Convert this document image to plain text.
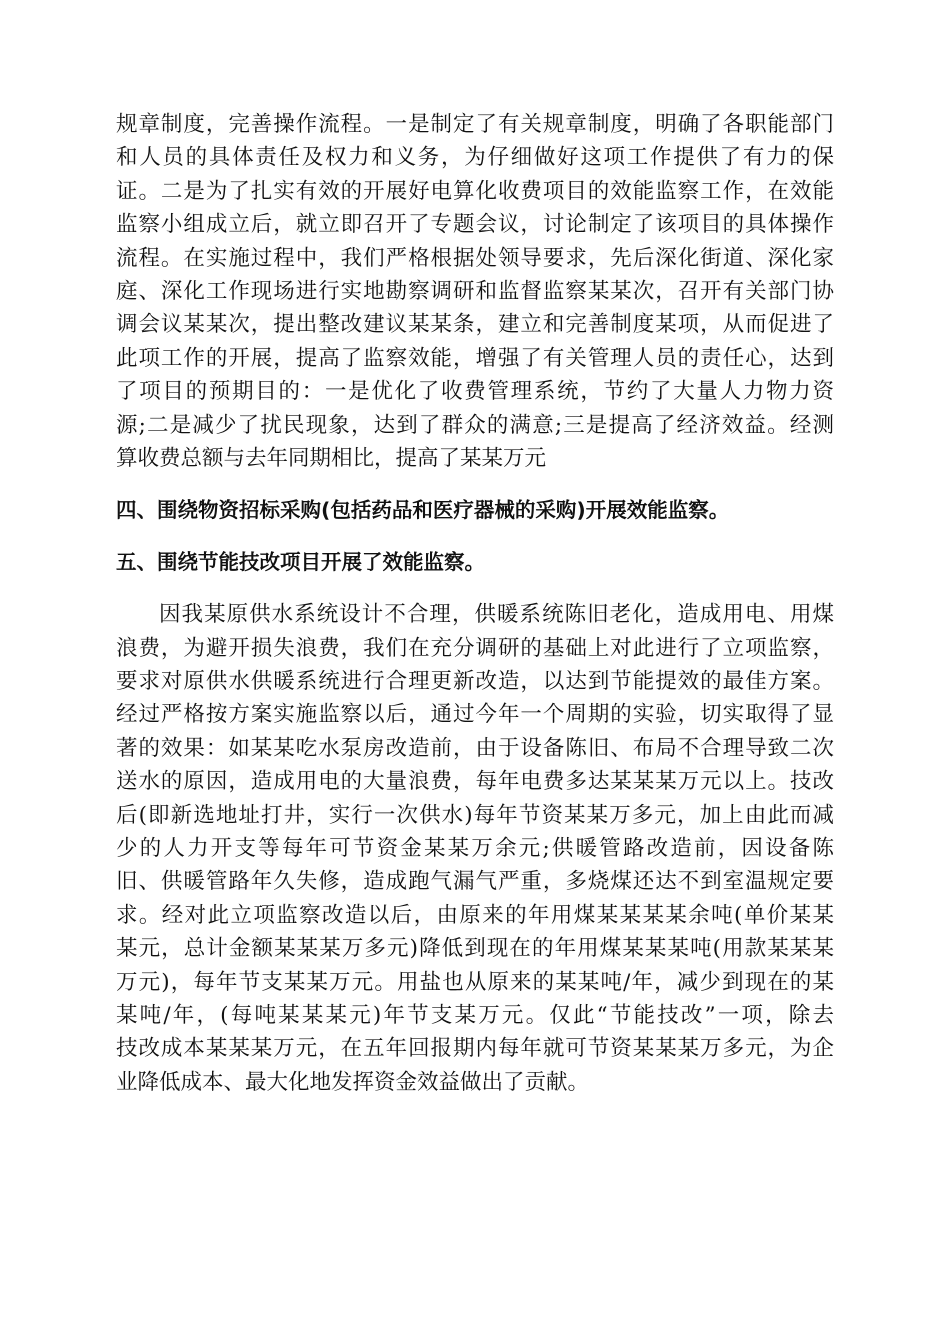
规章制度，完善操作流程。一是制定了有关规章制度，明确了各职能部门
和人员的具体责任及权力和义务，为仔细做好这项工作提供了有力的保
证。二是为了扎实有效的开展好电算化收费项目的效能监察工作，在效能
监察小组成立后，就立即召开了专题会议，讨论制定了该项目的具体操作
流程。在实施过程中，我们严格根据处领导要求，先后深化街道、深化家
庭、深化工作现场进行实地勘察调研和监督监察某某次，召开有关部门协
调会议某某次，提出整改建议某某条，建立和完善制度某项，从而促进了
此项工作的开展，提高了监察效能，增强了有关管理人员的责任心，达到
了项目的预期目的：一是优化了收费管理系统，节约了大量人力物力资
源;二是减少了扰民现象，达到了群众的满意;三是提高了经济效益。经测
算收费总额与去年同期相比，提高了某某万元
四、围绕物资招标采购(包括药品和医疗器械的采购)开展效能监察。
五、围绕节能技改项目开展了效能监察。
因我某原供水系统设计不合理，供暖系统陈旧老化，造成用电、用煤
浪费，为避开损失浪费，我们在充分调研的基础上对此进行了立项监察，
要求对原供水供暖系统进行合理更新改造，以达到节能提效的最佳方案。
经过严格按方案实施监察以后，通过今年一个周期的实验，切实取得了显
著的效果：如某某吃水泵房改造前，由于设备陈旧、布局不合理导致二次
送水的原因，造成用电的大量浪费，每年电费多达某某某万元以上。技改
后(即新选地址打井，实行一次供水)每年节资某某万多元，加上由此而减
少的人力开支等每年可节资金某某万余元;供暖管路改造前，因设备陈
旧、供暖管路年久失修，造成跑气漏气严重，多烧煤还达不到室温规定要
求。经对此立项监察改造以后，由原来的年用煤某某某某余吨(单价某某
某元，总计金额某某某万多元)降低到现在的年用煤某某某吨(用款某某某
万元)，每年节支某某万元。用盐也从原来的某某吨/年，减少到现在的某
某吨/年，(每吨某某某元)年节支某万元。仅此“节能技改”一项，除去
技改成本某某某万元，在五年回报期内每年就可节资某某某万多元，为企
业降低成本、最大化地发挥资金效益做出了贡献。
